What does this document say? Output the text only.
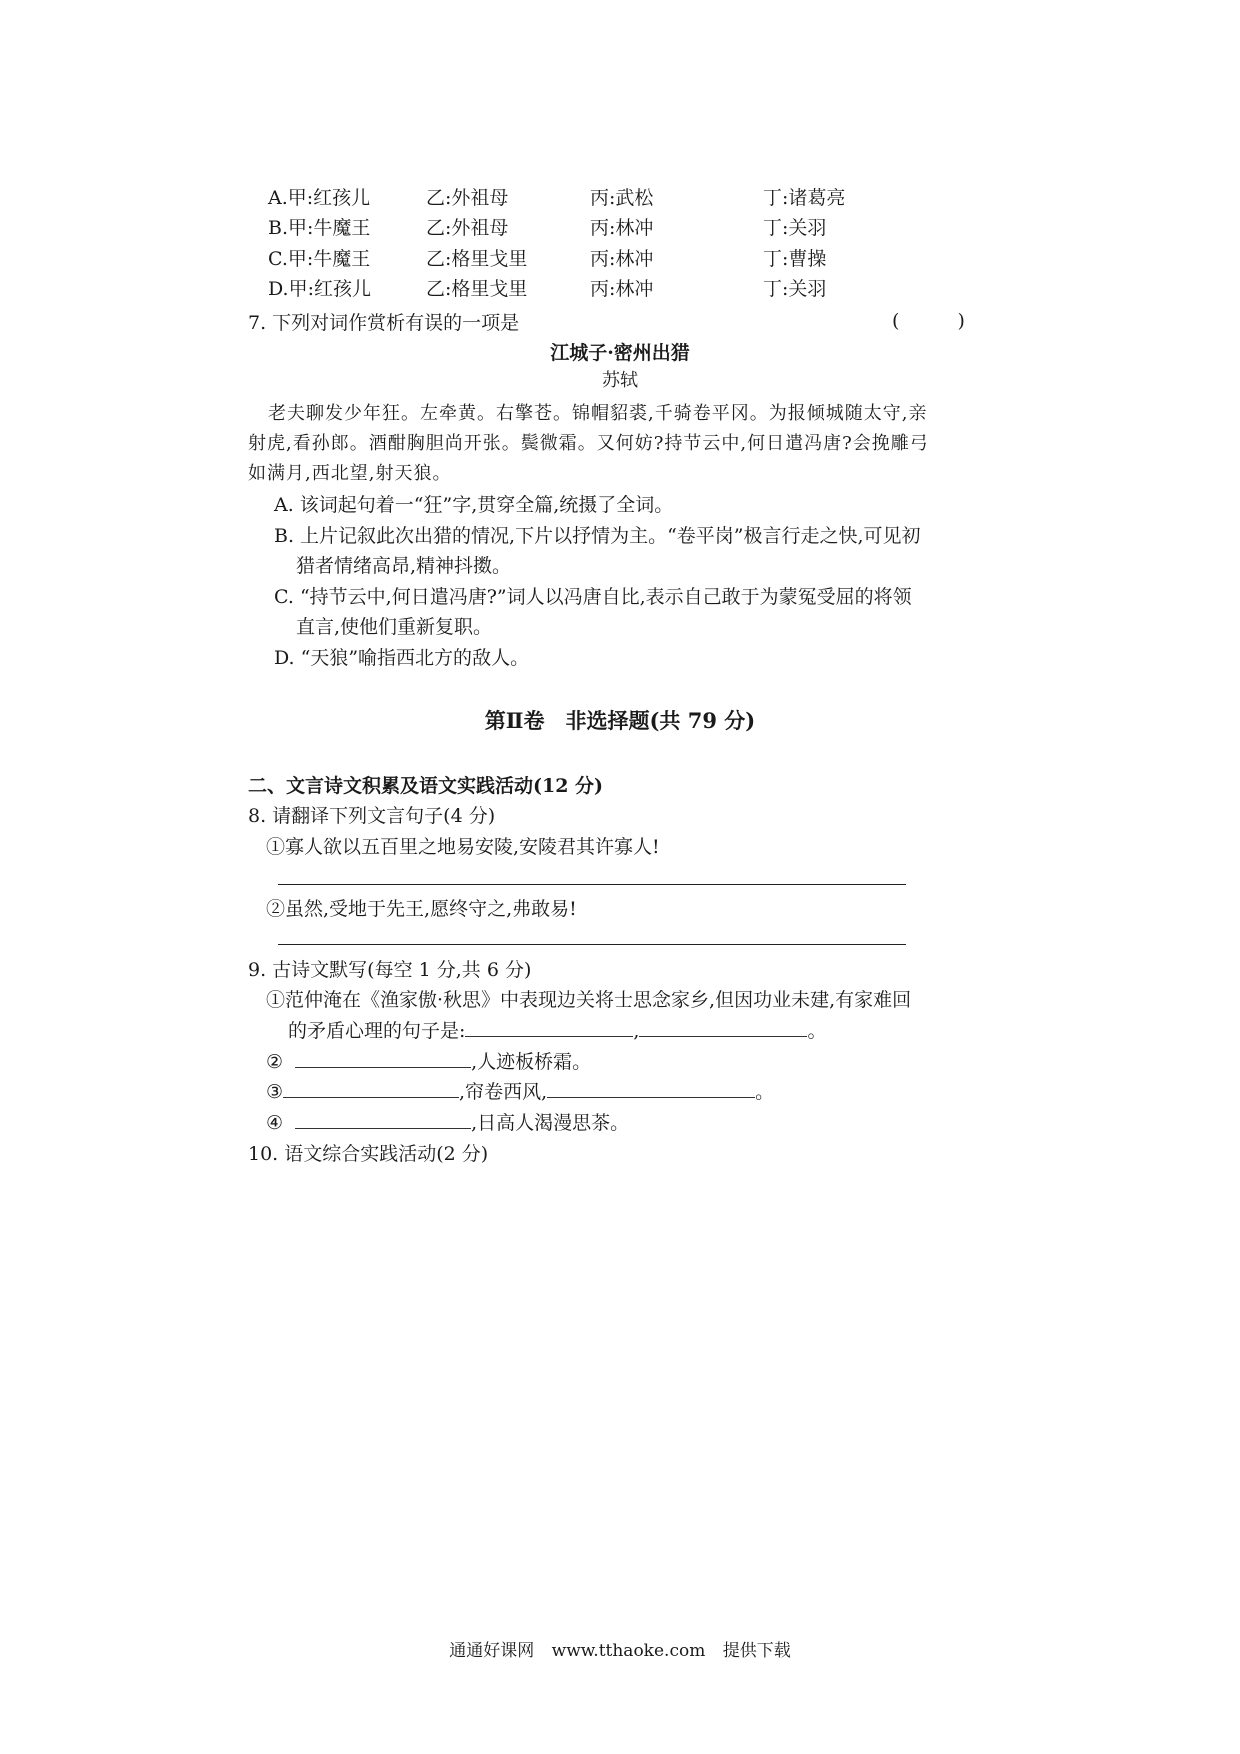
A.甲:红孩儿	乙:外祖母	丙:武松	丁:诸葛亮
B.甲:牛魔王	乙:外祖母	丙:林冲	丁:关羽
C.甲:牛魔王	乙:格里戈里	丙:林冲	丁:曹操
D.甲:红孩儿	乙:格里戈里	丙:林冲	丁:关羽
7. 下列对词作赏析有误的一项是	( )
江城子·密州出猎
苏轼
老夫聊发少年狂。左牵黄。右擎苍。锦帽貂裘,千骑卷平冈。为报倾城随太守,亲
射虎,看孙郎。酒酣胸胆尚开张。鬓微霜。又何妨?持节云中,何日遣冯唐?会挽雕弓
如满月,西北望,射天狼。
A. 该词起句着一“狂”字,贯穿全篇,统摄了全词。
B. 上片记叙此次出猎的情况,下片以抒情为主。“卷平岗”极言行走之快,可见初
猎者情绪高昂,精神抖擞。
C. “持节云中,何日遣冯唐?”词人以冯唐自比,表示自己敢于为蒙冤受屈的将领
直言,使他们重新复职。
D. “天狼”喻指西北方的敌人。
第Ⅱ卷　非选择题(共 79 分)
二、文言诗文积累及语文实践活动(12 分)
8. 请翻译下列文言句子(4 分)
①寡人欲以五百里之地易安陵,安陵君其许寡人!
②虽然,受地于先王,愿终守之,弗敢易!
9. 古诗文默写(每空 1 分,共 6 分)
①范仲淹在《渔家傲·秋思》中表现边关将士思念家乡,但因功业未建,有家难回
的矛盾心理的句子是:	,	。
②	,人迹板桥霜。
③	,帘卷西风,	。
④	,日高人渴漫思茶。
10. 语文综合实践活动(2 分)
通通好课网 www.tthaoke.com 提供下载
